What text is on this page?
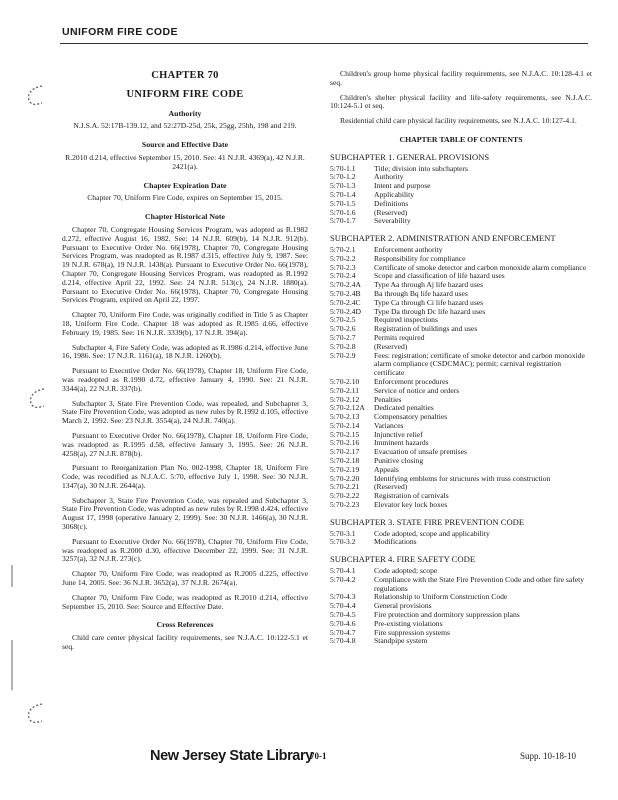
UNIFORM FIRE CODE
CHAPTER 70
UNIFORM FIRE CODE
Authority

N.J.S.A. 52:17B-139.12, and 52:27D-25d, 25k, 25gg, 25hh, 198 and 219.

Source and Effective Date

R.2010 d.214, effective September 15, 2010. See: 41 N.J.R. 4369(a), 42 N.J.R. 2421(a).

Chapter Expiration Date

Chapter 70, Uniform Fire Code, expires on September 15, 2015.

Chapter Historical Note

Chapter 70, Congregate Housing Services Program, was adopted as R.1982 d.272, effective August 16, 1982. See: 14 N.J.R. 609(b), 14 N.J.R. 912(b). Pursuant to Executive Order No. 66(1978), Chapter 70, Congregate Housing Services Program, was readopted as R.1987 d.315, effective July 9, 1987. See: 19 N.J.R. 678(a), 19 N.J.R. 1438(a). Pursuant to Executive Order No. 66(1978), Chapter 70, Congregate Housing Services Program, was readopted as R.1992 d.214, effective April 22, 1992. See: 24 N.J.R. 513(c), 24 N.J.R. 1880(a). Pursuant to Executive Order No. 66(1978), Chapter 70, Congregate Housing Services Program, expired on April 22, 1997.

Chapter 70, Uniform Fire Code, was originally codified in Title 5 as Chapter 18, Uniform Fire Code. Chapter 18 was adopted as R.1985 d.66, effective February 19, 1985. See: 16 N.J.R. 3339(b), 17 N.J.R. 394(a).

Subchapter 4, Fire Safety Code, was adopted as R.1986 d.214, effective June 16, 1986. See: 17 N.J.R. 1161(a), 18 N.J.R. 1260(b).

Pursuant to Executive Order No. 66(1978), Chapter 18, Uniform Fire Code, was readopted as R.1990 d.72, effective January 4, 1990. See: 21 N.J.R. 3344(a), 22 N.J.R. 337(b).

Subchapter 3, State Fire Prevention Code, was repealed, and Subchapter 3, State Fire Prevention Code, was adopted as new rules by R.1992 d.105, effective March 2, 1992. See: 23 N.J.R. 3554(a), 24 N.J.R. 740(a).

Pursuant to Executive Order No. 66(1978), Chapter 18, Uniform Fire Code, was readopted as R.1995 d.58, effective January 3, 1995. See: 26 N.J.R. 4258(a), 27 N.J.R. 878(b).

Pursuant to Reorganization Plan No. 002-1998, Chapter 18, Uniform Fire Code, was recodified as N.J.A.C. 5:70, effective July 1, 1998. See: 30 N.J.R. 1347(a), 30 N.J.R. 2644(a).

Subchapter 3, State Fire Prevention Code, was repealed and Subchapter 3, State Fire Prevention Code, was adopted as new rules by R.1998 d.424, effective August 17, 1998 (operative January 2, 1999). See: 30 N.J.R. 1466(a), 30 N.J.R. 3068(c).

Pursuant to Executive Order No. 66(1978), Chapter 70, Uniform Fire Code, was readopted as R.2000 d.30, effective December 22, 1999. See: 31 N.J.R. 3257(a), 32 N.J.R. 273(c).

Chapter 70, Uniform Fire Code, was readopted as R.2005 d.225, effective June 14, 2005. See: 36 N.J.R. 3652(a), 37 N.J.R. 2674(a).

Chapter 70, Uniform Fire Code, was readopted as R.2010 d.214, effective September 15, 2010. See: Source and Effective Date.

Cross References

Child care center physical facility requirements, see N.J.A.C. 10:122-5.1 et seq.

Children's group home physical facility requirements, see N.J.A.C. 10:128-4.1 et seq.

Children's shelter physical facility and life-safety requirements, see N.J.A.C. 10:124-5.1 et seq.

Residential child care physical facility requirements, see N.J.A.C. 10:127-4.1.

CHAPTER TABLE OF CONTENTS
SUBCHAPTER 1. GENERAL PROVISIONS
5:70-1.1	Title; division into subchapters
5:70-1.2	Authority
5:70-1.3	Intent and purpose
5:70-1.4	Applicability
5:70-1.5	Definitions
5:70-1.6	(Reserved)
5:70-1.7	Severability
SUBCHAPTER 2. ADMINISTRATION AND ENFORCEMENT
5:70-2.1	Enforcement authority
5:70-2.2	Responsibility for compliance
5:70-2.3	Certificate of smoke detector and carbon monoxide alarm compliance
5:70-2.4	Scope and classification of life hazard uses
5:70-2.4A	Type Aa through Aj life hazard uses
5:70-2.4B	Ba through Bq life hazard uses
5:70-2.4C	Type Ca through Ci life hazard uses
5:70-2.4D	Type Da through Dc life hazard uses
5:70-2.5	Required inspections
5:70-2.6	Registration of buildings and uses
5:70-2.7	Permits required
5:70-2.8	(Reserved)
5:70-2.9	Fees: registration; certificate of smoke detector and carbon monoxide alarm compliance (CSDCMAC); permit; carnival registration certificate
5:70-2.10	Enforcement procedures
5:70-2.11	Service of notice and orders
5:70-2.12	Penalties
5:70-2.12A	Dedicated penalties
5:70-2.13	Compensatory penalties
5:70-2.14	Variances
5:70-2.15	Injunctive relief
5:70-2.16	Imminent hazards
5:70-2.17	Evacuation of unsafe premises
5:70-2.18	Punitive closing
5:70-2.19	Appeals
5:70-2.20	Identifying emblems for structures with truss construction
5:70-2.21	(Reserved)
5:70-2.22	Registration of carnivals
5:70-2.23	Elevator key lock boxes
SUBCHAPTER 3. STATE FIRE PREVENTION CODE
5:70-3.1	Code adopted, scope and applicability
5:70-3.2	Modifications
SUBCHAPTER 4. FIRE SAFETY CODE
5:70-4.1	Code adopted; scope
5:70-4.2	Compliance with the State Fire Prevention Code and other fire safety regulations
5:70-4.3	Relationship to Uniform Construction Code
5:70-4.4	General provisions
5:70-4.5	Fire protection and dormitory suppression plans
5:70-4.6	Pre-existing violations
5:70-4.7	Fire suppression systems
5:70-4.8	Standpipe system
New Jersey State Library
70-1	Supp. 10-18-10
